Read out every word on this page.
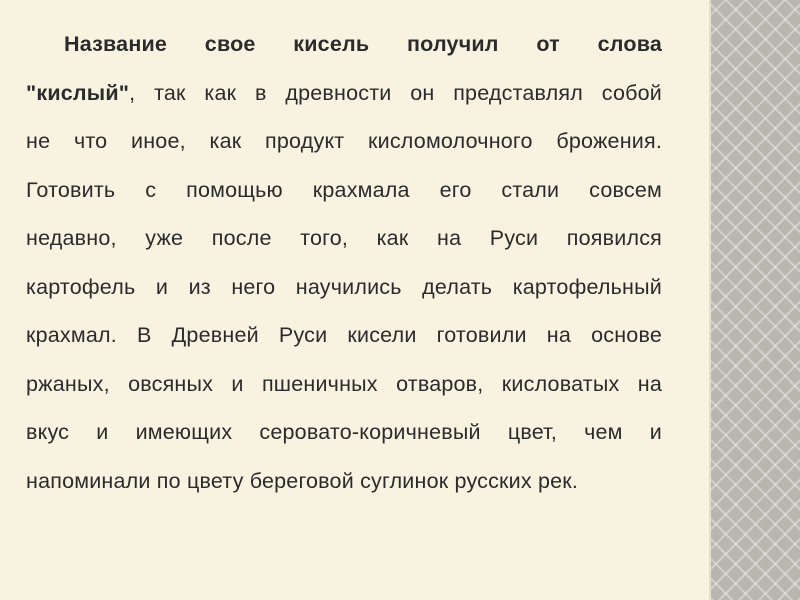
Название свое кисель получил от слова
"кислый", так как в древности он представлял собой
не что иное, как продукт кисломолочного брожения.
Готовить с помощью крахмала его стали совсем
недавно, уже после того, как на Руси появился
картофель и из него научились делать картофельный
крахмал. В Древней Руси кисели готовили на основе
ржаных, овсяных и пшеничных отваров, кисловатых на
вкус и имеющих серовато-коричневый цвет, чем и
напоминали по цвету береговой суглинок русских рек.
